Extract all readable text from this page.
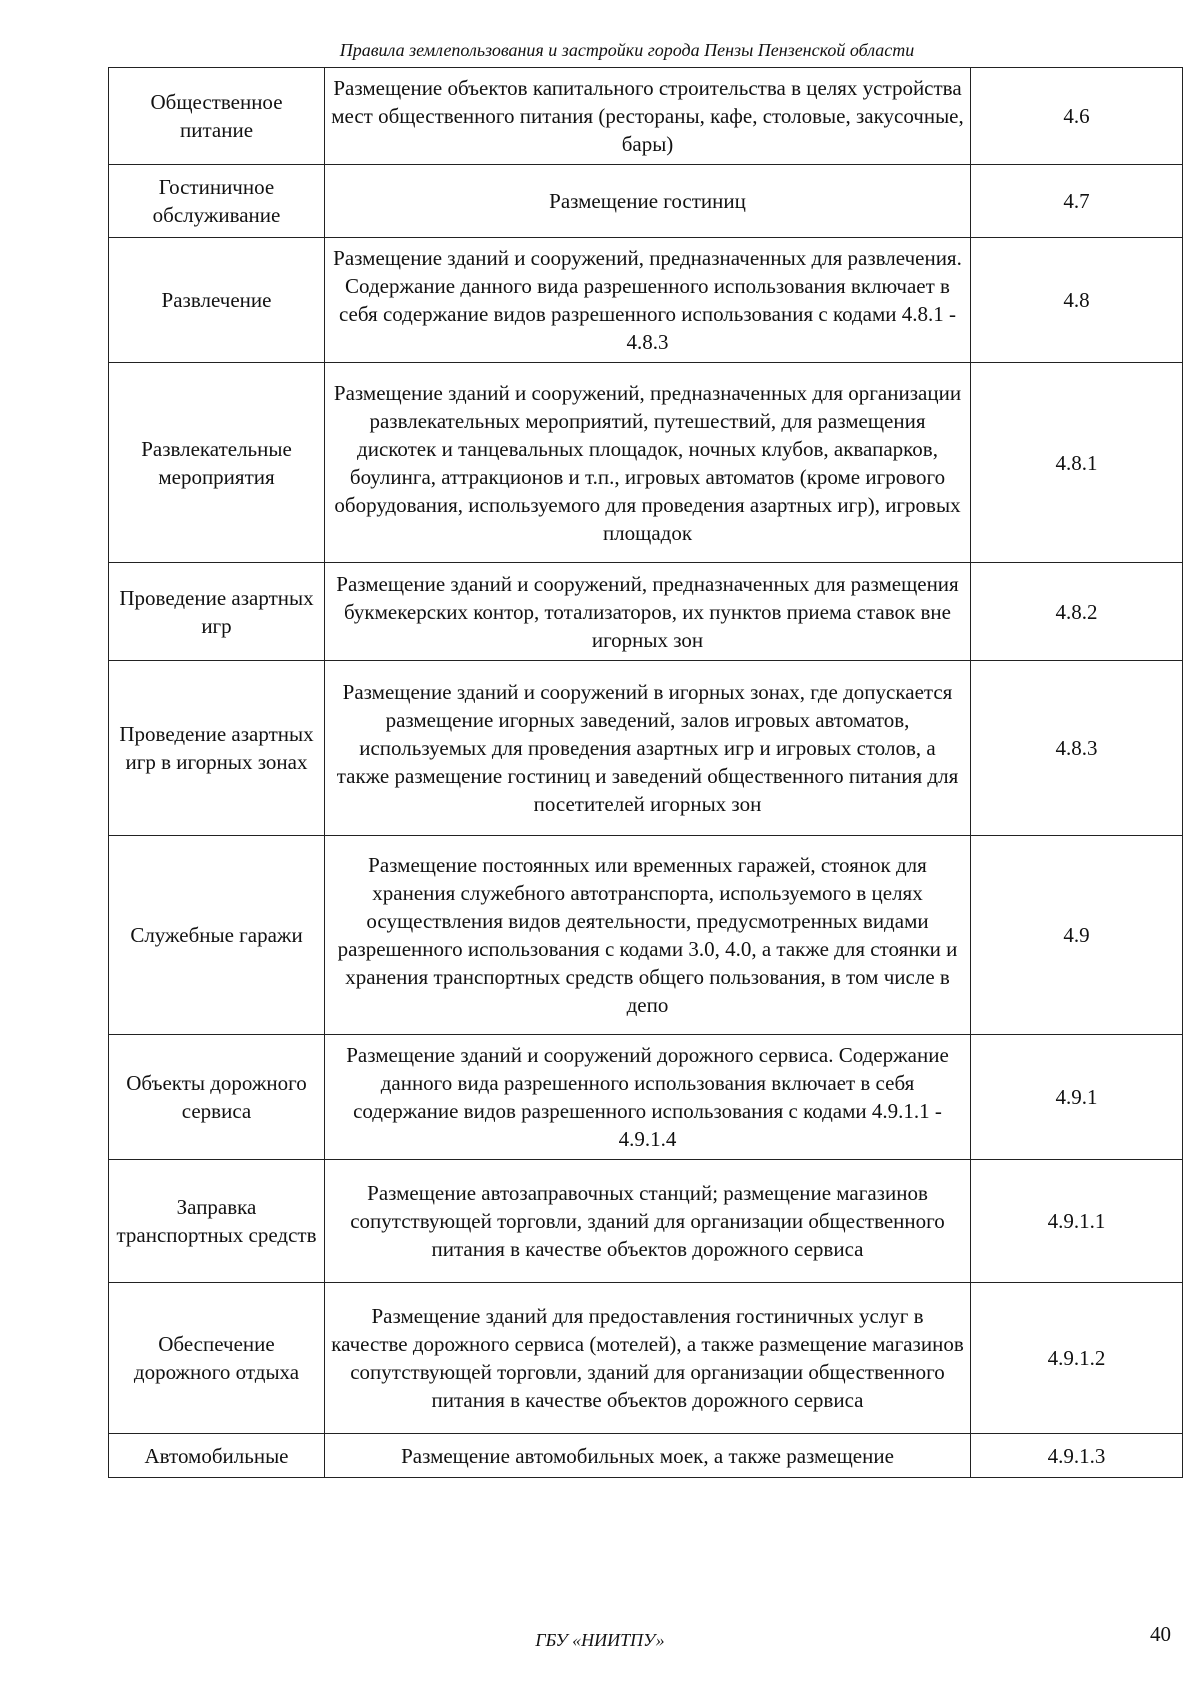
Правила землепользования и застройки города Пензы Пензенской области
Общественное питание	Размещение объектов капитального строительства в целях устройства мест общественного питания (рестораны, кафе, столовые, закусочные, бары)	4.6
Гостиничное обслуживание	Размещение гостиниц	4.7
Развлечение	Размещение зданий и сооружений, предназначенных для развлечения. Содержание данного вида разрешенного использования включает в себя содержание видов разрешенного использования с кодами 4.8.1 - 4.8.3	4.8
Развлекательные мероприятия	Размещение зданий и сооружений, предназначенных для организации развлекательных мероприятий, путешествий, для размещения дискотек и танцевальных площадок, ночных клубов, аквапарков, боулинга, аттракционов и т.п., игровых автоматов (кроме игрового оборудования, используемого для проведения азартных игр), игровых площадок	4.8.1
Проведение азартных игр	Размещение зданий и сооружений, предназначенных для размещения букмекерских контор, тотализаторов, их пунктов приема ставок вне игорных зон	4.8.2
Проведение азартных игр в игорных зонах	Размещение зданий и сооружений в игорных зонах, где допускается размещение игорных заведений, залов игровых автоматов, используемых для проведения азартных игр и игровых столов, а также размещение гостиниц и заведений общественного питания для посетителей игорных зон	4.8.3
Служебные гаражи	Размещение постоянных или временных гаражей, стоянок для хранения служебного автотранспорта, используемого в целях осуществления видов деятельности, предусмотренных видами разрешенного использования с кодами 3.0, 4.0, а также для стоянки и хранения транспортных средств общего пользования, в том числе в депо	4.9
Объекты дорожного сервиса	Размещение зданий и сооружений дорожного сервиса. Содержание данного вида разрешенного использования включает в себя содержание видов разрешенного использования с кодами 4.9.1.1 - 4.9.1.4	4.9.1
Заправка транспортных средств	Размещение автозаправочных станций; размещение магазинов сопутствующей торговли, зданий для организации общественного питания в качестве объектов дорожного сервиса	4.9.1.1
Обеспечение дорожного отдыха	Размещение зданий для предоставления гостиничных услуг в качестве дорожного сервиса (мотелей), а также размещение магазинов сопутствующей торговли, зданий для организации общественного питания в качестве объектов дорожного сервиса	4.9.1.2
Автомобильные	Размещение автомобильных моек, а также размещение	4.9.1.3
ГБУ «НИИТПУ»	40
